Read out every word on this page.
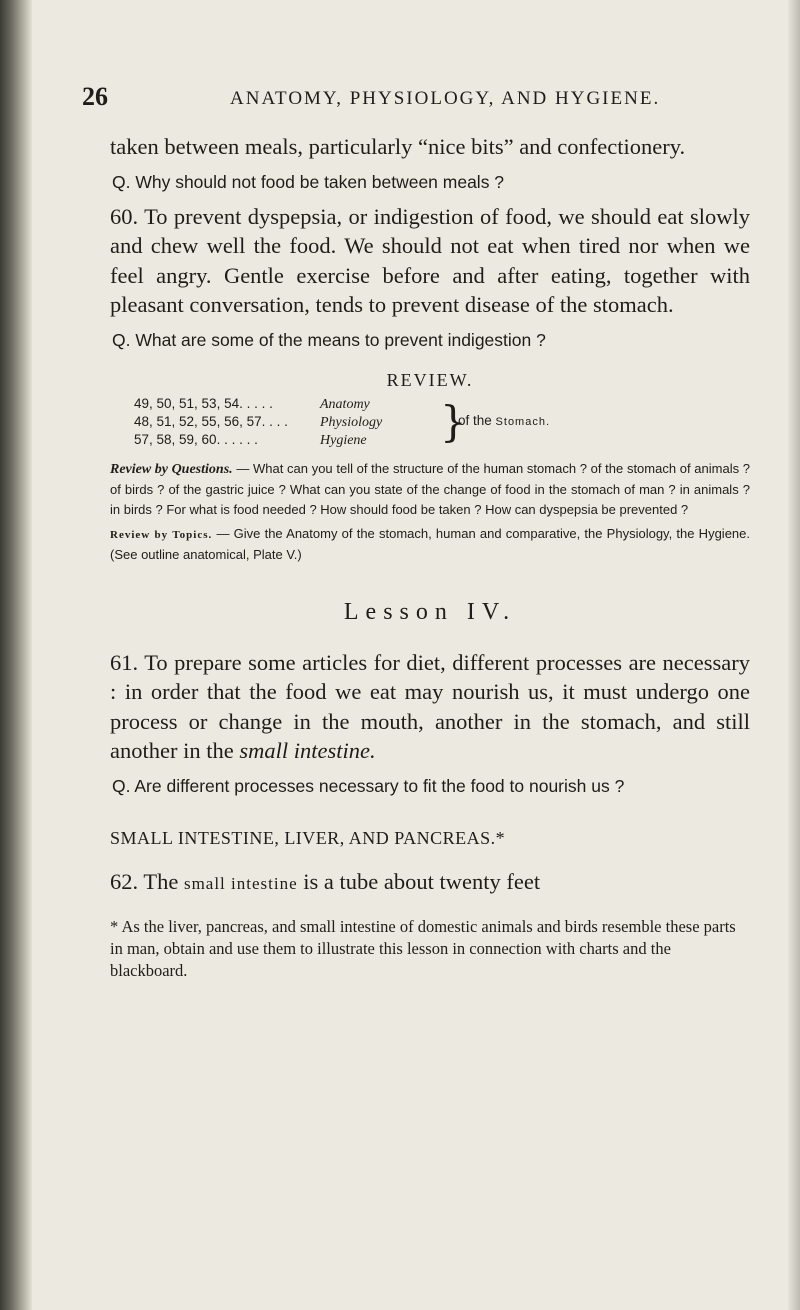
26	ANATOMY, PHYSIOLOGY, AND HYGIENE.

taken between meals, particularly “nice bits” and confectionery.

Q. Why should not food be taken between meals ?

60. To prevent dyspepsia, or indigestion of food, we should eat slowly and chew well the food. We should not eat when tired nor when we feel angry. Gentle exercise before and after eating, together with pleasant conversation, tends to prevent disease of the stomach.

Q. What are some of the means to prevent indigestion ?

REVIEW.
49, 50, 51, 53, 54. . . . .	Anatomy
48, 51, 52, 55, 56, 57. . . . Physiology
57, 58, 59, 60. . . . . .	Hygiene }
of the Stomach.

Review by Questions. — What can you tell of the structure of the human stomach ? of the stomach of animals ? of birds ? of the gastric juice ? What can you state of the change of food in the stomach of man ? in animals ? in birds ? For what is food needed ? How should food be taken ? How can dyspepsia be prevented ?

Review by Topics. — Give the Anatomy of the stomach, human and comparative, the Physiology, the Hygiene. (See outline anatomical, Plate V.)

Lesson IV.

61. To prepare some articles for diet, different processes are necessary : in order that the food we eat may nourish us, it must undergo one process or change in the mouth, another in the stomach, and still another in the small intestine.

Q. Are different processes necessary to fit the food to nourish us ?

SMALL INTESTINE, LIVER, AND PANCREAS.*

62. The small intestine is a tube about twenty feet

* As the liver, pancreas, and small intestine of domestic animals and birds resemble these parts in man, obtain and use them to illustrate this lesson in connection with charts and the blackboard.
